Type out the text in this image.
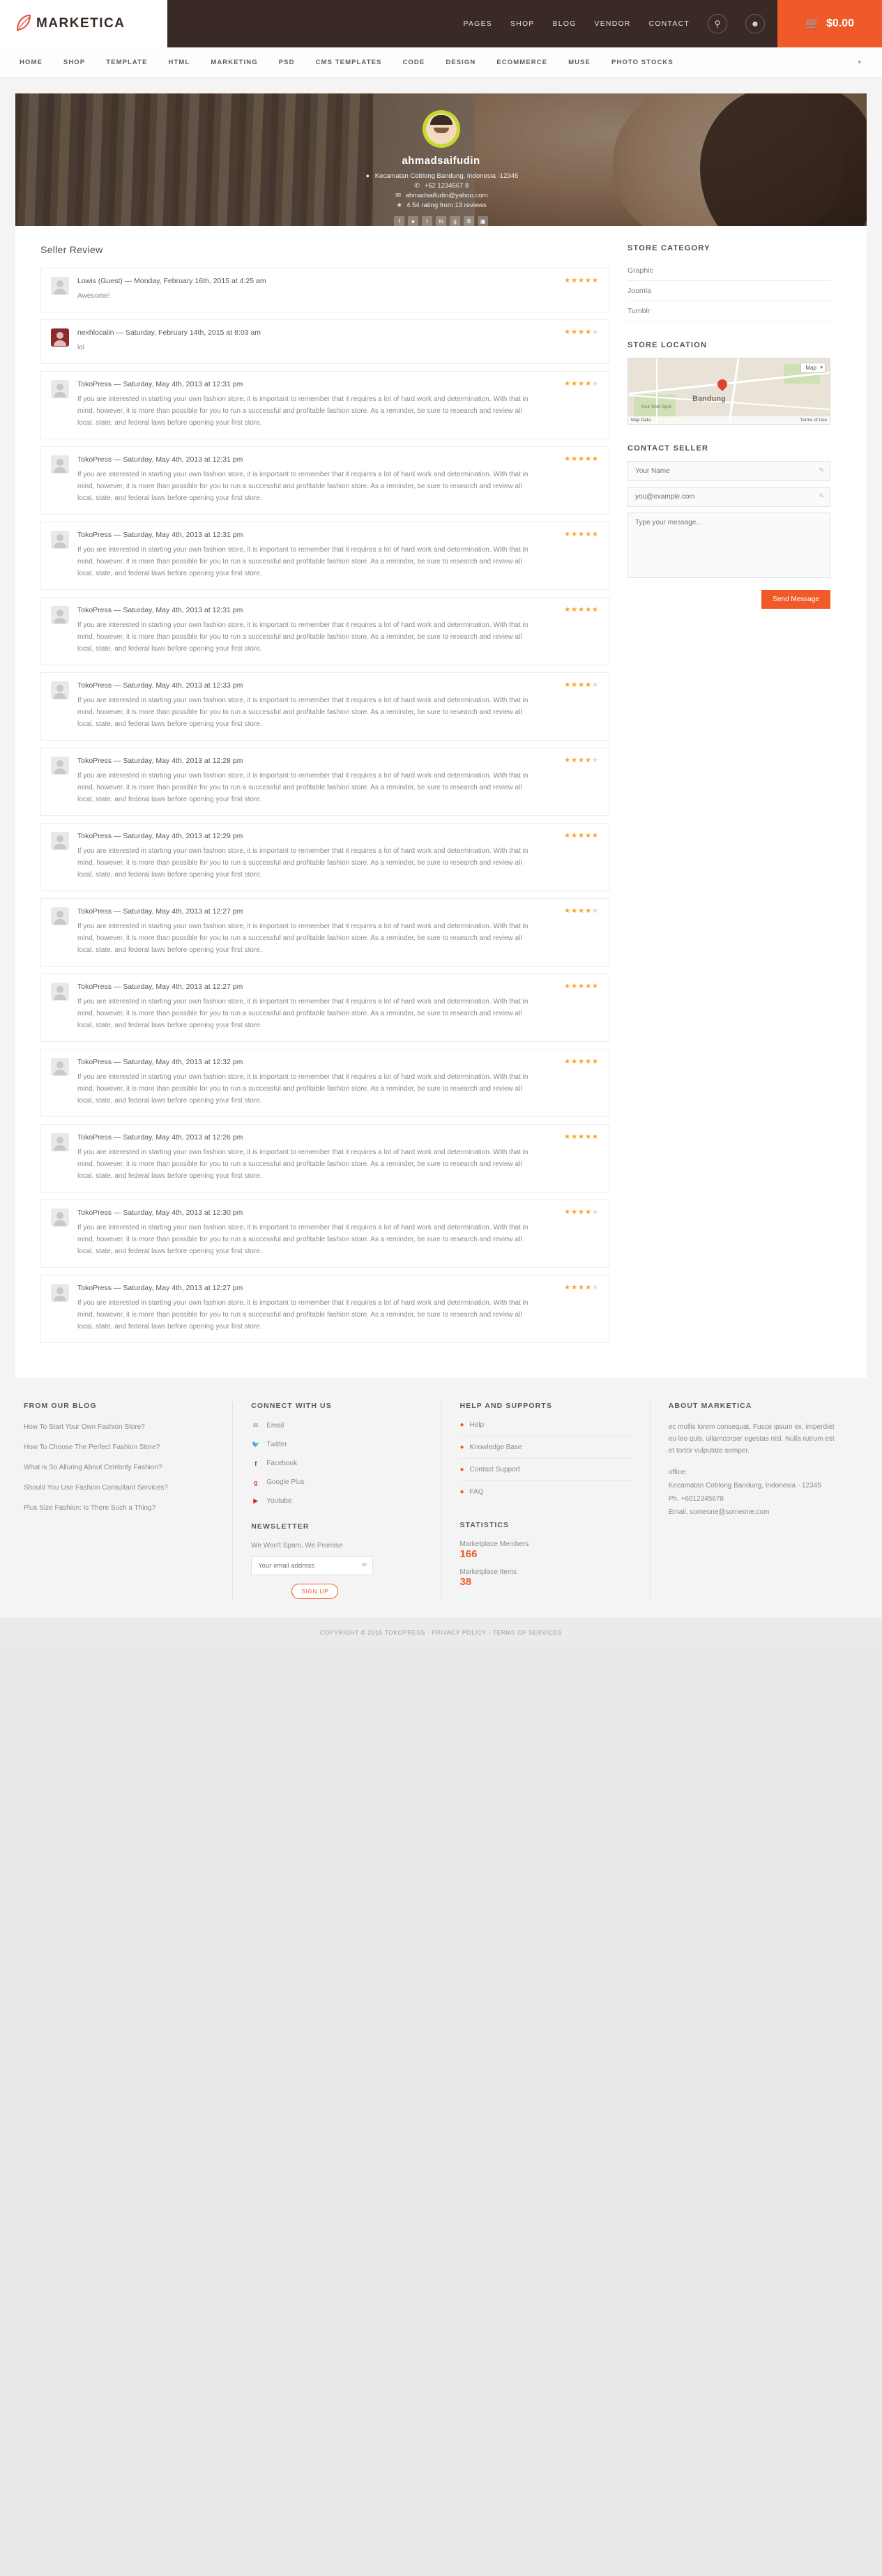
MARKETICA	PAGES SHOP BLOG VENDOR CONTACT	⚲	☻	🛒 $0.00
HOME	SHOP	TEMPLATE	HTML	MARKETING	PSD	CMS TEMPLATES	CODE	DESIGN	ECOMMERCE	MUSE	PHOTO STOCKS	▾
ahmadsaifudin
● Kecamatan Coblong Bandung, Indonesia -12345
✆ +62 1234567 8
✉ ahmadsaifudin@yahoo.com
★ 4.54 rating from 13 reviews
f	●	t	in	g	B	▣
Seller Review
Lowis (Guest) — Monday, February 16th, 2015 at 4:25 am
Awesome!
★★★★★
nexhlocalin — Saturday, February 14th, 2015 at 8:03 am
lol
★★★★★
TokoPress — Saturday, May 4th, 2013 at 12:31 pm
If you are interested in starting your own fashion store, it is important to remember that it requires a lot of hard work and determination. With that in mind, however, it is more than possible for you to run a successful and profitable fashion store. As a reminder, be sure to research and review all local, state, and federal laws before opening your first store.
★★★★★
TokoPress — Saturday, May 4th, 2013 at 12:31 pm
If you are interested in starting your own fashion store, it is important to remember that it requires a lot of hard work and determination. With that in mind, however, it is more than possible for you to run a successful and profitable fashion store. As a reminder, be sure to research and review all local, state, and federal laws before opening your first store.
★★★★★
TokoPress — Saturday, May 4th, 2013 at 12:31 pm
If you are interested in starting your own fashion store, it is important to remember that it requires a lot of hard work and determination. With that in mind, however, it is more than possible for you to run a successful and profitable fashion store. As a reminder, be sure to research and review all local, state, and federal laws before opening your first store.
★★★★★
TokoPress — Saturday, May 4th, 2013 at 12:31 pm
If you are interested in starting your own fashion store, it is important to remember that it requires a lot of hard work and determination. With that in mind, however, it is more than possible for you to run a successful and profitable fashion store. As a reminder, be sure to research and review all local, state, and federal laws before opening your first store.
★★★★★
TokoPress — Saturday, May 4th, 2013 at 12:33 pm
If you are interested in starting your own fashion store, it is important to remember that it requires a lot of hard work and determination. With that in mind, however, it is more than possible for you to run a successful and profitable fashion store. As a reminder, be sure to research and review all local, state, and federal laws before opening your first store.
★★★★★
TokoPress — Saturday, May 4th, 2013 at 12:28 pm
If you are interested in starting your own fashion store, it is important to remember that it requires a lot of hard work and determination. With that in mind, however, it is more than possible for you to run a successful and profitable fashion store. As a reminder, be sure to research and review all local, state, and federal laws before opening your first store.
★★★★★
TokoPress — Saturday, May 4th, 2013 at 12:29 pm
If you are interested in starting your own fashion store, it is important to remember that it requires a lot of hard work and determination. With that in mind, however, it is more than possible for you to run a successful and profitable fashion store. As a reminder, be sure to research and review all local, state, and federal laws before opening your first store.
★★★★★
TokoPress — Saturday, May 4th, 2013 at 12:27 pm
If you are interested in starting your own fashion store, it is important to remember that it requires a lot of hard work and determination. With that in mind, however, it is more than possible for you to run a successful and profitable fashion store. As a reminder, be sure to research and review all local, state, and federal laws before opening your first store.
★★★★★
TokoPress — Saturday, May 4th, 2013 at 12:27 pm
If you are interested in starting your own fashion store, it is important to remember that it requires a lot of hard work and determination. With that in mind, however, it is more than possible for you to run a successful and profitable fashion store. As a reminder, be sure to research and review all local, state, and federal laws before opening your first store.
★★★★★
TokoPress — Saturday, May 4th, 2013 at 12:32 pm
If you are interested in starting your own fashion store, it is important to remember that it requires a lot of hard work and determination. With that in mind, however, it is more than possible for you to run a successful and profitable fashion store. As a reminder, be sure to research and review all local, state, and federal laws before opening your first store.
★★★★★
TokoPress — Saturday, May 4th, 2013 at 12:26 pm
If you are interested in starting your own fashion store, it is important to remember that it requires a lot of hard work and determination. With that in mind, however, it is more than possible for you to run a successful and profitable fashion store. As a reminder, be sure to research and review all local, state, and federal laws before opening your first store.
★★★★★
TokoPress — Saturday, May 4th, 2013 at 12:30 pm
If you are interested in starting your own fashion store, it is important to remember that it requires a lot of hard work and determination. With that in mind, however, it is more than possible for you to run a successful and profitable fashion store. As a reminder, be sure to research and review all local, state, and federal laws before opening your first store.
★★★★★
TokoPress — Saturday, May 4th, 2013 at 12:27 pm
If you are interested in starting your own fashion store, it is important to remember that it requires a lot of hard work and determination. With that in mind, however, it is more than possible for you to run a successful and profitable fashion store. As a reminder, be sure to research and review all local, state, and federal laws before opening your first store.
★★★★★
STORE CATEGORY
Graphic
Joomla
Tumblr
STORE LOCATION
Bandung
Your Start Spot
Map ▾
Map Data	Terms of Use
CONTACT SELLER
Your Name
✎
you@example.com
✎
Type your message...
Send Message
FROM OUR BLOG
How To Start Your Own Fashion Store?
How To Choose The Perfect Fashion Store?
What is So Alluring About Celebrity Fashion?
Should You Use Fashion Consultant Services?
Plus Size Fashion: Is There Such a Thing?
CONNECT WITH US
✉ Email
🐦 Twitter
f	Facebook
g	Google Plus
▶	Youtube
NEWSLETTER
We Won't Spam, We Promise
Your email address
✉
SIGN UP
HELP AND SUPPORTS
● Help
● Knowledge Base
● Contact Support
● FAQ
STATISTICS
Marketplace Members
166
Marketplace Items
38
ABOUT MARKETICA
ec mollis lorem consequat. Fusce ipsum ex, imperdiet eu leo quis, ullamcorper egestas nisl. Nulla rutrum est et tortor vulputate semper.
office:
Kecamatan Coblong Bandung, Indonesia - 12345
Ph. +6012345678
Email. someone@someone.com
COPYRIGHT © 2015 TOKOPRESS · PRIVACY POLICY · TERMS OF SERVICES
